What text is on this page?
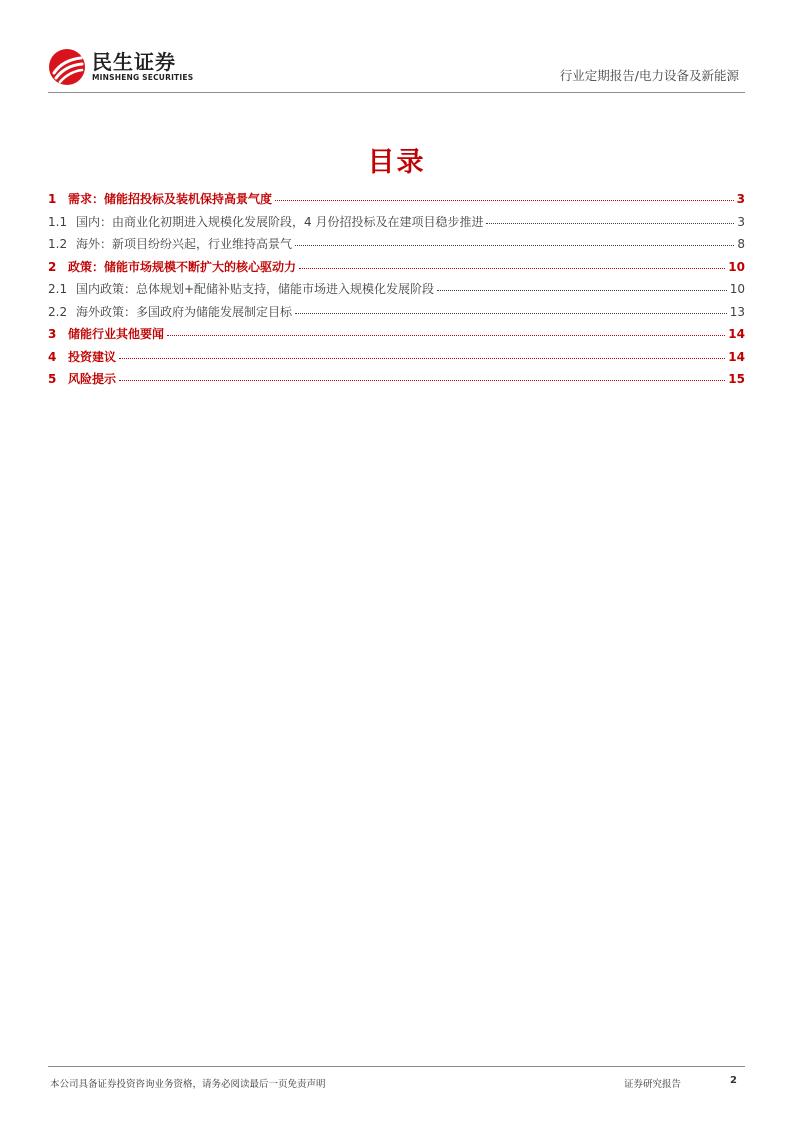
民生证券
MINSHENG SECURITIES	行业定期报告/电力设备及新能源
目录
1 需求：储能招投标及装机保持高景气度	3
1.1 国内：由商业化初期进入规模化发展阶段，4 月份招投标及在建项目稳步推进	3
1.2 海外：新项目纷纷兴起，行业维持高景气	8
2 政策：储能市场规模不断扩大的核心驱动力	10
2.1 国内政策：总体规划+配储补贴支持，储能市场进入规模化发展阶段	10
2.2 海外政策：多国政府为储能发展制定目标	13
3 储能行业其他要闻	14
4 投资建议	14
5 风险提示	15
本公司具备证券投资咨询业务资格，请务必阅读最后一页免责声明	证券研究报告	2
